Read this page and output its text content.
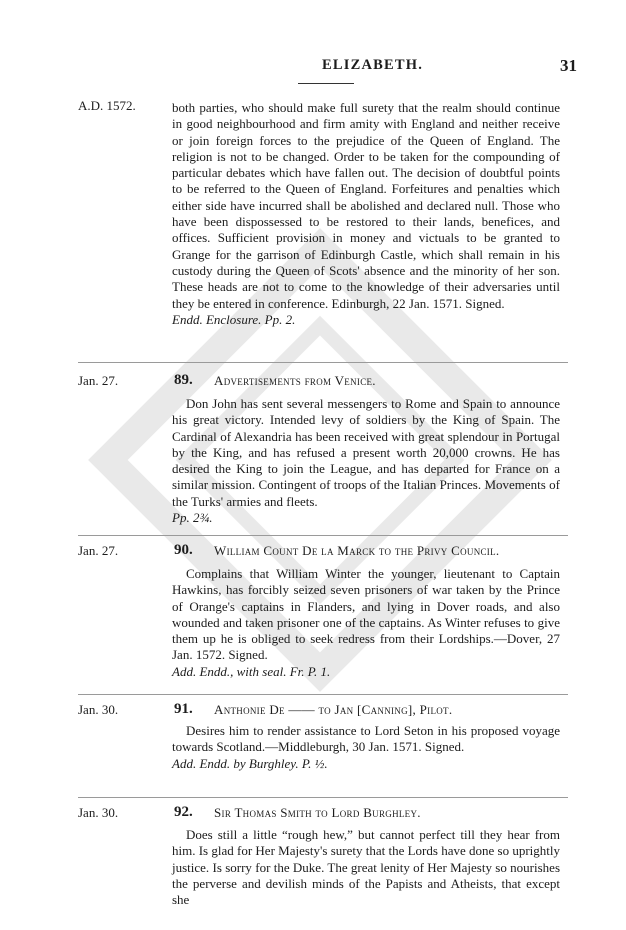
ELIZABETH.	31
A.D. 1572.	both parties, who should make full surety that the realm should continue in good neighbourhood and firm amity with England and neither receive or join foreign forces to the prejudice of the Queen of England. The religion is not to be changed. Order to be taken for the compounding of particular debates which have fallen out. The decision of doubtful points to be referred to the Queen of England. Forfeitures and penalties which either side have incurred shall be abolished and declared null. Those who have been dispossessed to be restored to their lands, benefices, and offices. Sufficient provision in money and victuals to be granted to Grange for the garrison of Edinburgh Castle, which shall remain in his custody during the Queen of Scots' absence and the minority of her son. These heads are not to come to the knowledge of their adversaries until they be entered in conference. Edinburgh, 22 Jan. 1571. Signed.

Endd. Enclosure. Pp. 2.

Jan. 27.	89. Advertisements from Venice.

Don John has sent several messengers to Rome and Spain to announce his great victory. Intended levy of soldiers by the King of Spain. The Cardinal of Alexandria has been received with great splendour in Portugal by the King, and has refused a present worth 20,000 crowns. He has desired the King to join the League, and has departed for France on a similar mission. Contingent of troops of the Italian Princes. Movements of the Turks' armies and fleets.

Pp. 2¾.

Jan. 27.	90. William Count De la Marck to the Privy Council.

Complains that William Winter the younger, lieutenant to Captain Hawkins, has forcibly seized seven prisoners of war taken by the Prince of Orange's captains in Flanders, and lying in Dover roads, and also wounded and taken prisoner one of the captains. As Winter refuses to give them up he is obliged to seek redress from their Lordships.—Dover, 27 Jan. 1572. Signed.

Add. Endd., with seal. Fr. P. 1.

Jan. 30.	91. Anthonie De —— to Jan [Canning], Pilot.

Desires him to render assistance to Lord Seton in his proposed voyage towards Scotland.—Middleburgh, 30 Jan. 1571. Signed.

Add. Endd. by Burghley. P. ½.

Jan. 30.	92. Sir Thomas Smith to Lord Burghley.

Does still a little “rough hew,” but cannot perfect till they hear from him. Is glad for Her Majesty's surety that the Lords have done so uprightly justice. Is sorry for the Duke. The great lenity of Her Majesty so nourishes the perverse and devilish minds of the Papists and Atheists, that except she
